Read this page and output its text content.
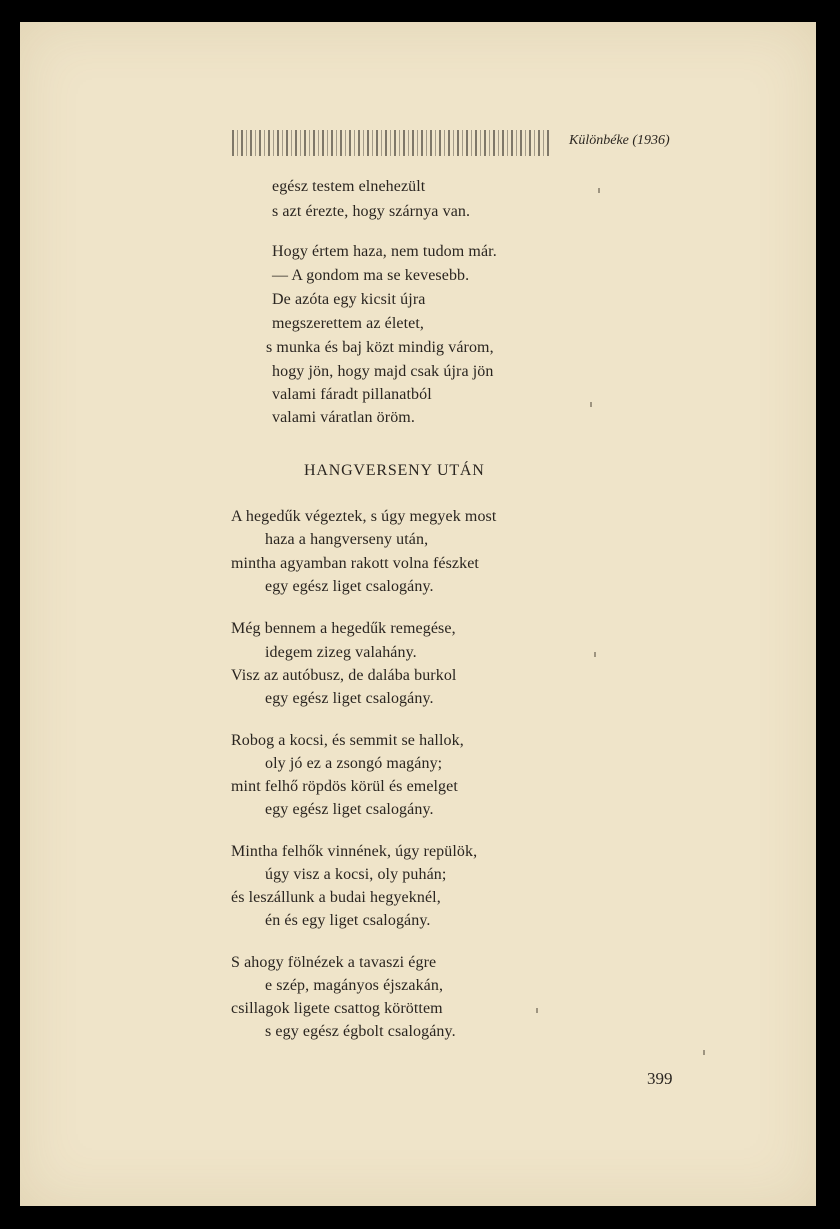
Különbéke (1936)
egész testem elnehezült
s azt érezte, hogy szárnya van.
Hogy értem haza, nem tudom már.
— A gondom ma se kevesebb.
De azóta egy kicsit újra
megszerettem az életet,
s munka és baj közt mindig várom,
hogy jön, hogy majd csak újra jön
valami fáradt pillanatból
valami váratlan öröm.
HANGVERSENY UTÁN
A hegedűk végeztek, s úgy megyek most
haza a hangverseny után,
mintha agyamban rakott volna fészket
egy egész liget csalogány.
Még bennem a hegedűk remegése,
idegem zizeg valahány.
Visz az autóbusz, de dalába burkol
egy egész liget csalogány.
Robog a kocsi, és semmit se hallok,
oly jó ez a zsongó magány;
mint felhő röpdös körül és emelget
egy egész liget csalogány.
Mintha felhők vinnének, úgy repülök,
úgy visz a kocsi, oly puhán;
és leszállunk a budai hegyeknél,
én és egy liget csalogány.
S ahogy fölnézek a tavaszi égre
e szép, magányos éjszakán,
csillagok ligete csattog köröttem
s egy egész égbolt csalogány.
399
